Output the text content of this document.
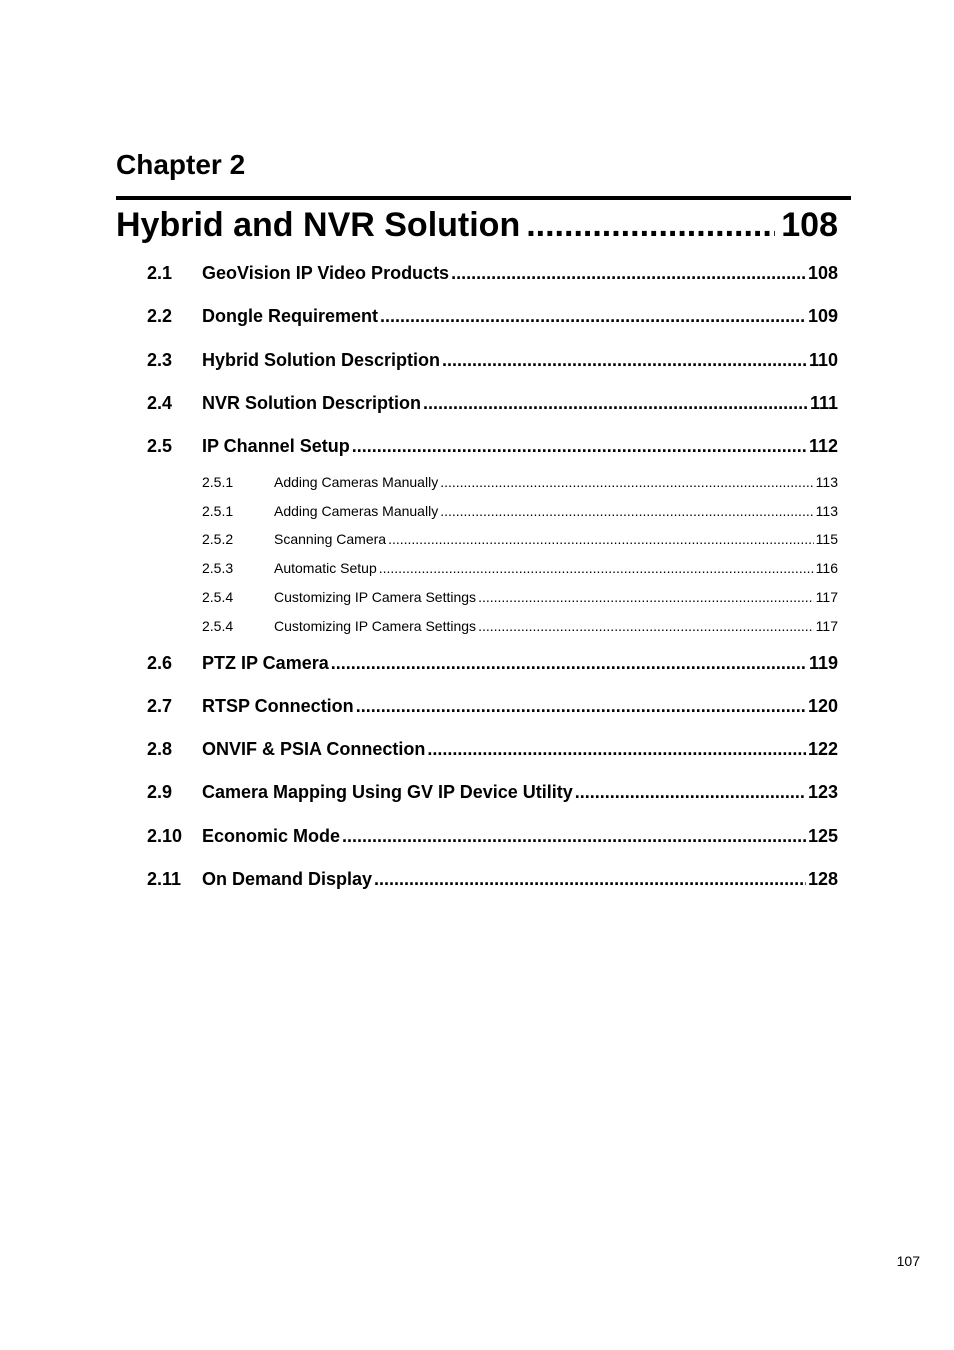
Chapter 2
Hybrid and NVR Solution .....	108
2.1	GeoVision IP Video Products .....	108
2.2	Dongle Requirement .....	109
2.3	Hybrid Solution Description .....	110
2.4	NVR Solution Description .....	111
2.5	IP Channel Setup .....	112
2.5.1	Adding Cameras Manually .....	113
2.5.1	Adding Cameras Manually .....	113
2.5.2	Scanning Camera .....	115
2.5.3	Automatic Setup .....	116
2.5.4	Customizing IP Camera Settings .....	117
2.5.4	Customizing IP Camera Settings .....	117
2.6	PTZ IP Camera .....	119
2.7	RTSP Connection .....	120
2.8	ONVIF & PSIA Connection .....	122
2.9	Camera Mapping Using GV IP Device Utility .....	123
2.10	Economic Mode .....	125
2.11	On Demand Display .....	128
107
